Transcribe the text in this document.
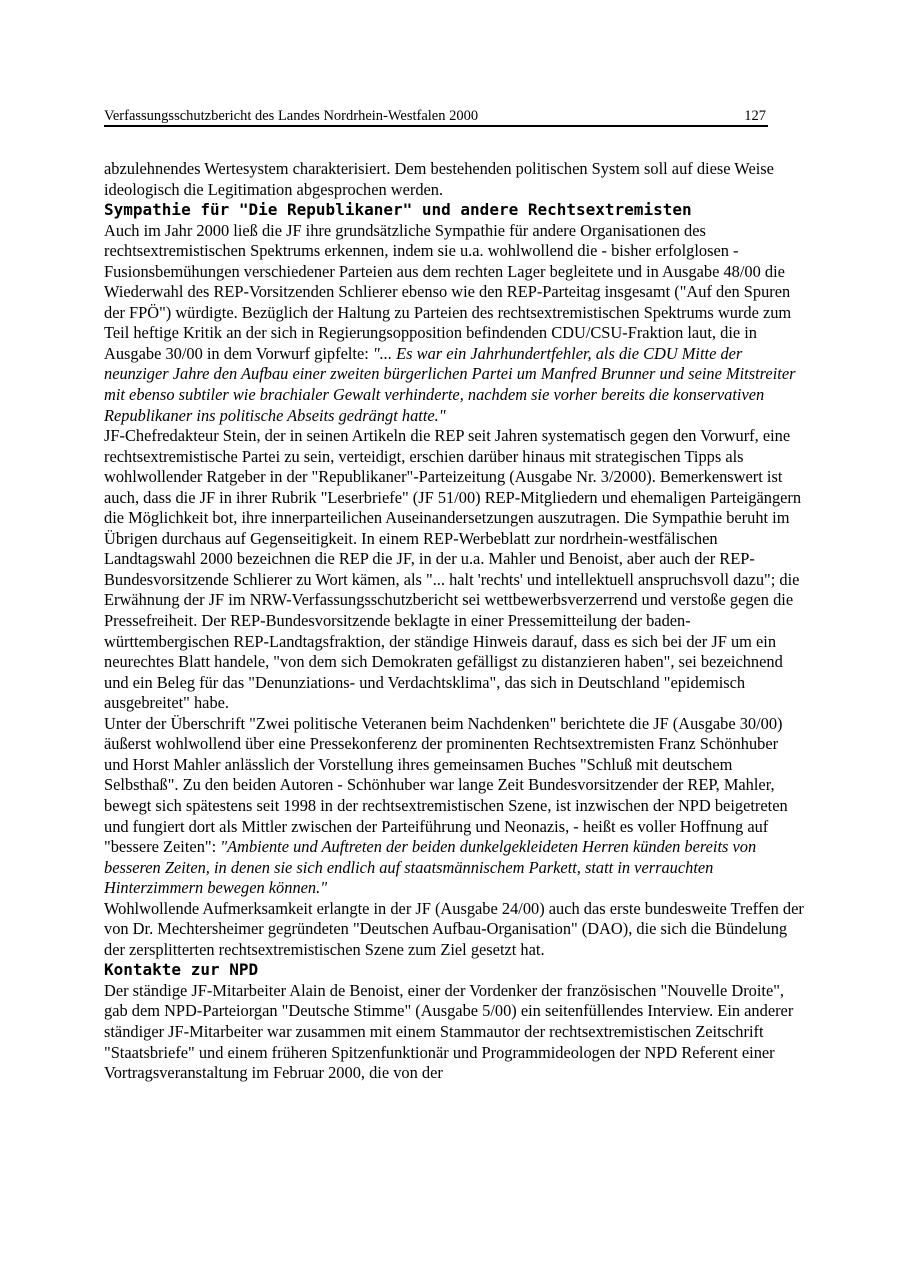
Verfassungsschutzbericht des Landes Nordrhein-Westfalen 2000	127

abzulehnendes Wertesystem charakterisiert. Dem bestehenden politischen System soll auf diese Weise ideologisch die Legitimation abgesprochen werden.

Sympathie für "Die Republikaner" und andere Rechtsextremisten

Auch im Jahr 2000 ließ die JF ihre grundsätzliche Sympathie für andere Organisationen des rechtsextremistischen Spektrums erkennen, indem sie u.a. wohlwollend die - bisher erfolglosen - Fusionsbemühungen verschiedener Parteien aus dem rechten Lager begleitete und in Ausgabe 48/00 die Wiederwahl des REP-Vorsitzenden Schlierer ebenso wie den REP-Parteitag insgesamt ("Auf den Spuren der FPÖ") würdigte. Bezüglich der Haltung zu Parteien des rechtsextremistischen Spektrums wurde zum Teil heftige Kritik an der sich in Regierungsopposition befindenden CDU/CSU-Fraktion laut, die in Ausgabe 30/00 in dem Vorwurf gipfelte: "... Es war ein Jahrhundertfehler, als die CDU Mitte der neunziger Jahre den Aufbau einer zweiten bürgerlichen Partei um Manfred Brunner und seine Mitstreiter mit ebenso subtiler wie brachialer Gewalt verhinderte, nachdem sie vorher bereits die konservativen Republikaner ins politische Abseits gedrängt hatte."

JF-Chefredakteur Stein, der in seinen Artikeln die REP seit Jahren systematisch gegen den Vorwurf, eine rechtsextremistische Partei zu sein, verteidigt, erschien darüber hinaus mit strategischen Tipps als wohlwollender Ratgeber in der "Republikaner"-Parteizeitung (Ausgabe Nr. 3/2000). Bemerkenswert ist auch, dass die JF in ihrer Rubrik "Leserbriefe" (JF 51/00) REP-Mitgliedern und ehemaligen Parteigängern die Möglichkeit bot, ihre innerparteilichen Auseinandersetzungen auszutragen. Die Sympathie beruht im Übrigen durchaus auf Gegenseitigkeit. In einem REP-Werbeblatt zur nordrhein-westfälischen Landtagswahl 2000 bezeichnen die REP die JF, in der u.a. Mahler und Benoist, aber auch der REP-Bundesvorsitzende Schlierer zu Wort kämen, als "... halt 'rechts' und intellektuell anspruchsvoll dazu"; die Erwähnung der JF im NRW-Verfassungsschutzbericht sei wettbewerbsverzerrend und verstoße gegen die Pressefreiheit. Der REP-Bundesvorsitzende beklagte in einer Pressemitteilung der baden-württembergischen REP-Landtagsfraktion, der ständige Hinweis darauf, dass es sich bei der JF um ein neurechtes Blatt handele, "von dem sich Demokraten gefälligst zu distanzieren haben", sei bezeichnend und ein Beleg für das "Denunziations- und Verdachtsklima", das sich in Deutschland "epidemisch ausgebreitet" habe.

Unter der Überschrift "Zwei politische Veteranen beim Nachdenken" berichtete die JF (Ausgabe 30/00) äußerst wohlwollend über eine Pressekonferenz der prominenten Rechtsextremisten Franz Schönhuber und Horst Mahler anlässlich der Vorstellung ihres gemeinsamen Buches "Schluß mit deutschem Selbsthaß". Zu den beiden Autoren - Schönhuber war lange Zeit Bundesvorsitzender der REP, Mahler, bewegt sich spätestens seit 1998 in der rechtsextremistischen Szene, ist inzwischen der NPD beigetreten und fungiert dort als Mittler zwischen der Parteiführung und Neonazis, - heißt es voller Hoffnung auf "bessere Zeiten": "Ambiente und Auftreten der beiden dunkelgekleideten Herren künden bereits von besseren Zeiten, in denen sie sich endlich auf staatsmännischem Parkett, statt in verrauchten Hinterzimmern bewegen können."

Wohlwollende Aufmerksamkeit erlangte in der JF (Ausgabe 24/00) auch das erste bundesweite Treffen der von Dr. Mechtersheimer gegründeten "Deutschen Aufbau-Organisation" (DAO), die sich die Bündelung der zersplitterten rechtsextremistischen Szene zum Ziel gesetzt hat.

Kontakte zur NPD

Der ständige JF-Mitarbeiter Alain de Benoist, einer der Vordenker der französischen "Nouvelle Droite", gab dem NPD-Parteiorgan "Deutsche Stimme" (Ausgabe 5/00) ein seitenfüllendes Interview. Ein anderer ständiger JF-Mitarbeiter war zusammen mit einem Stammautor der rechtsextremistischen Zeitschrift "Staatsbriefe" und einem früheren Spitzenfunktionär und Programmideologen der NPD Referent einer Vortragsveranstaltung im Februar 2000, die von der
